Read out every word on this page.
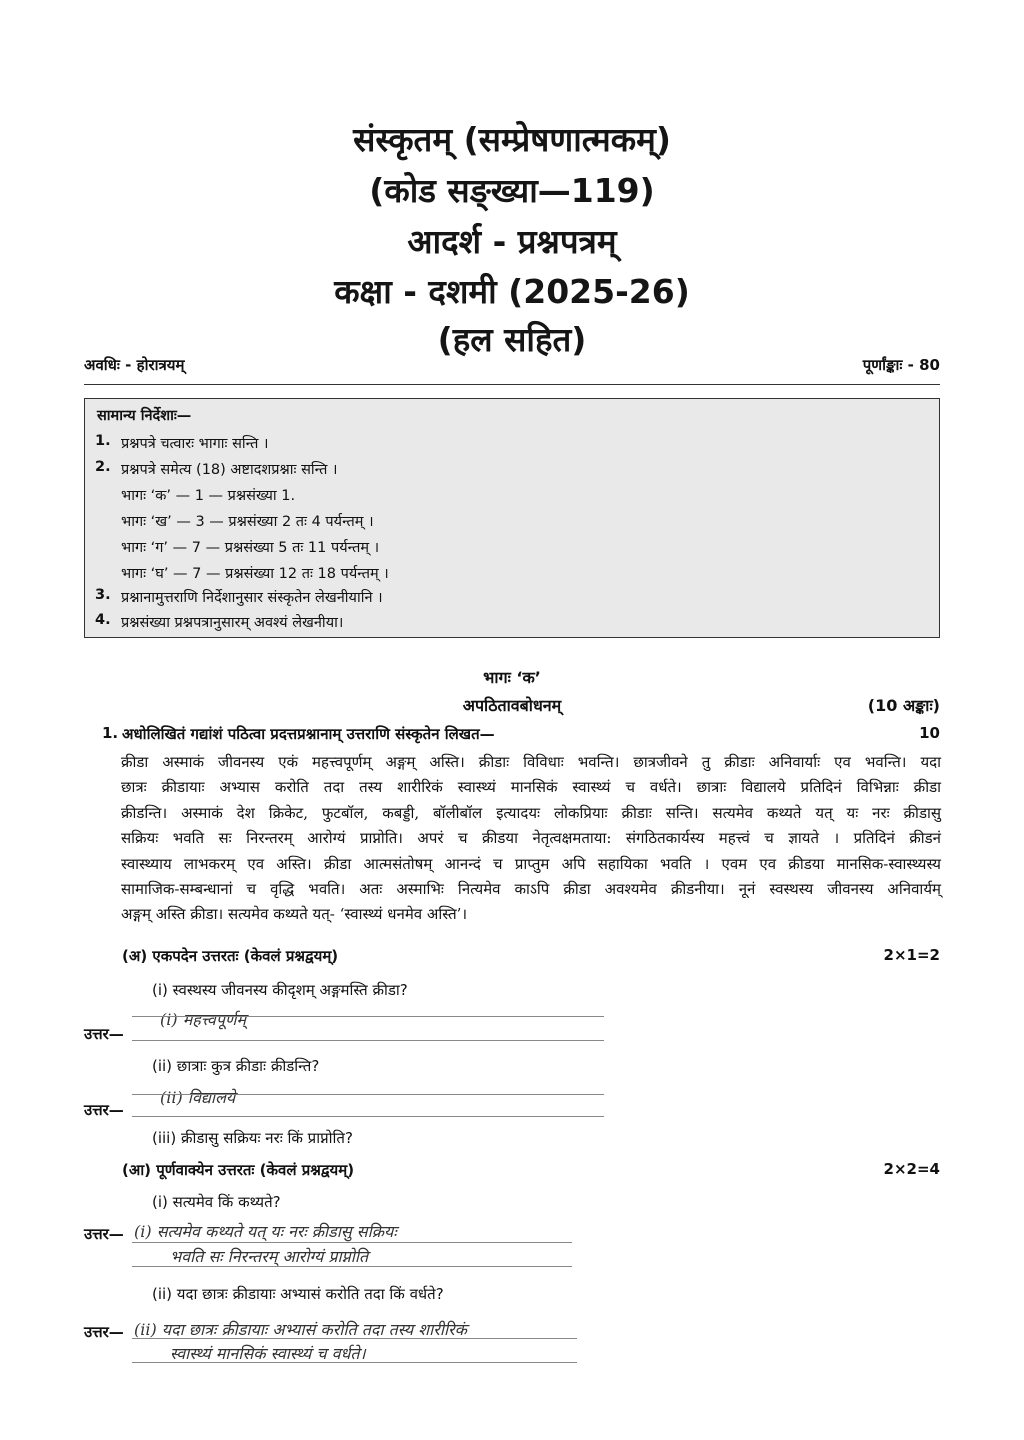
संस्कृतम् (सम्प्रेषणात्मकम्)
(कोड सङ्ख्या—119)
आदर्श - प्रश्नपत्रम्
कक्षा - दशमी (2025-26)
(हल सहित)
अवधिः - होरात्रयम्	पूर्णांङ्काः - 80
सामान्य निर्देशाः—
1. प्रश्नपत्रे चत्वारः भागाः सन्ति ।
2. प्रश्नपत्रे समेत्य (18) अष्टादशप्रश्नाः सन्ति ।
भागः ‘क’ — 1 — प्रश्नसंख्या 1.
भागः ‘ख’ — 3 — प्रश्नसंख्या 2 तः 4 पर्यन्तम् ।
भागः ‘ग’ — 7 — प्रश्नसंख्या 5 तः 11 पर्यन्तम् ।
भागः ‘घ’ — 7 — प्रश्नसंख्या 12 तः 18 पर्यन्तम् ।
3. प्रश्नानामुत्तराणि निर्देशानुसार संस्कृतेन लेखनीयानि ।
4. प्रश्नसंख्या प्रश्नपत्रानुसारम् अवश्यं लेखनीया।
भागः ‘क’
अपठितावबोधनम्	(10 अङ्काः)
1. अधोलिखितं गद्यांशं पठित्वा प्रदत्तप्रश्नानाम् उत्तराणि संस्कृतेन लिखत—	10
क्रीडा अस्माकं जीवनस्य एकं महत्त्वपूर्णम् अङ्गम् अस्ति। क्रीडाः विविधाः भवन्ति। छात्रजीवने तु क्रीडाः अनिवार्याः एव भवन्ति। यदा
छात्रः क्रीडायाः अभ्यास करोति तदा तस्य शारीरिकं स्वास्थ्यं मानसिकं स्वास्थ्यं च वर्धते। छात्राः विद्यालये प्रतिदिनं विभिन्नाः क्रीडा
क्रीडन्ति। अस्माकं देश क्रिकेट, फुटबॉल, कबड्डी, बॉलीबॉल इत्यादयः लोकप्रियाः क्रीडाः सन्ति। सत्यमेव कथ्यते यत् यः नरः क्रीडासु
सक्रियः भवति सः निरन्तरम् आरोग्यं प्राप्नोति। अपरं च क्रीडया नेतृत्वक्षमताया: संगठितकार्यस्य महत्त्वं च ज्ञायते । प्रतिदिनं क्रीडनं
स्वास्थ्याय लाभकरम् एव अस्ति। क्रीडा आत्मसंतोषम् आनन्दं च प्राप्तुम अपि सहायिका भवति । एवम एव क्रीडया मानसिक-स्वास्थ्यस्य
सामाजिक-सम्बन्धानां च वृद्धि भवति। अतः अस्माभिः नित्यमेव काऽपि क्रीडा अवश्यमेव क्रीडनीया। नूनं स्वस्थस्य जीवनस्य अनिवार्यम्
अङ्गम् अस्ति क्रीडा। सत्यमेव कथ्यते यत्- ‘स्वास्थ्यं धनमेव अस्ति’।
(अ) एकपदेन उत्तरतः (केवलं प्रश्नद्वयम्)	2×1=2
(i) स्वस्थस्य जीवनस्य कीदृशम् अङ्गमस्ति क्रीडा?
(i) महत्त्वपूर्णम्
उत्तर—
(ii) छात्राः कुत्र क्रीडाः क्रीडन्ति?
(ii) विद्यालये
उत्तर—
(iii) क्रीडासु सक्रियः नरः किं प्राप्नोति?
(आ) पूर्णवाक्येन उत्तरतः (केवलं प्रश्नद्वयम्)	2×2=4
(i) सत्यमेव किं कथ्यते?
उत्तर— (i) सत्यमेव कथ्यते यत् यः नरः क्रीडासु सक्रियः
भवति सः निरन्तरम् आरोग्यं प्राप्नोति
(ii) यदा छात्रः क्रीडायाः अभ्यासं करोति तदा किं वर्धते?
उत्तर— (ii) यदा छात्रः क्रीडायाः अभ्यासं करोति तदा तस्य शारीरिकं
स्वास्थ्यं मानसिकं स्वास्थ्यं च वर्धते।
